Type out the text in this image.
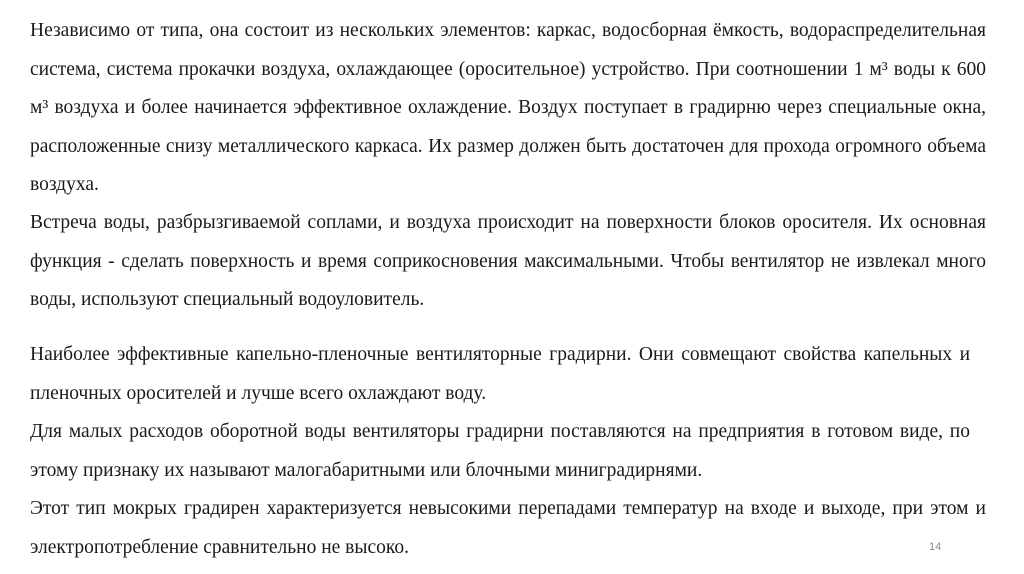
Независимо от типа, она состоит из нескольких элементов: каркас, водосборная ёмкость, водораспределительная система, система прокачки воздуха, охлаждающее (оросительное) устройство. При соотношении 1 м³ воды к 600 м³ воздуха и более начинается эффективное охлаждение. Воздух поступает в градирню через специальные окна, расположенные снизу металлического каркаса. Их размер должен быть достаточен для прохода огромного объема воздуха.

Встреча воды, разбрызгиваемой соплами, и воздуха происходит на поверхности блоков оросителя. Их основная функция - сделать поверхность и время соприкосновения максимальными. Чтобы вентилятор не извлекал много воды, используют специальный водоуловитель.

Наиболее эффективные капельно-пленочные вентиляторные градирни. Они совмещают свойства капельных и пленочных оросителей и лучше всего охлаждают воду.

Для малых расходов оборотной воды вентиляторы градирни поставляются на предприятия в готовом виде, по этому признаку их называют малогабаритными или блочными миниградирнями.

Этот тип мокрых градирен характеризуется невысокими перепадами температур на входе и выходе, при этом и электропотребление сравнительно не высоко.	14
